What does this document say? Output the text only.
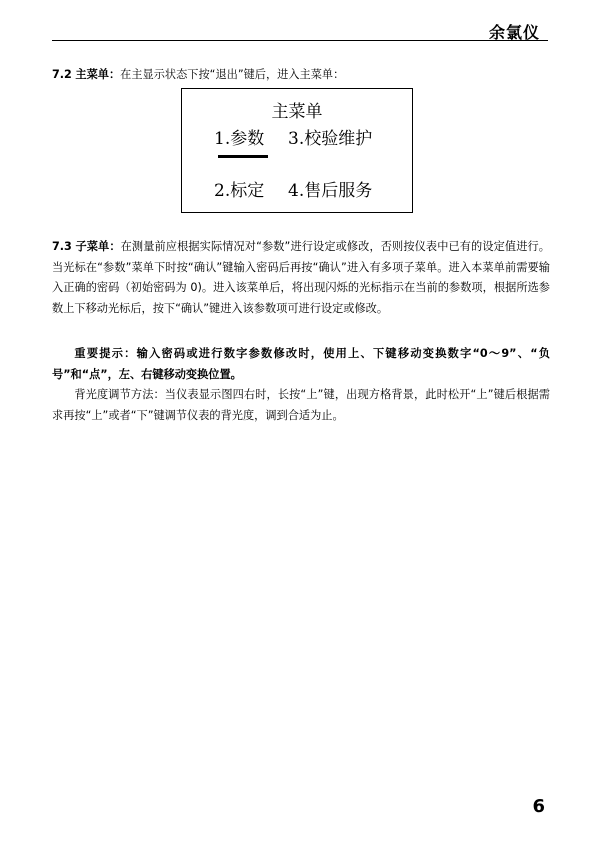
余氯仪
7.2 主菜单：在主显示状态下按“退出”键后，进入主菜单：
主菜单
1.参数 3.校验维护
2.标定 4.售后服务
7.3 子菜单：在测量前应根据实际情况对“参数”进行设定或修改，否则按仪表中已有的设定值进行。当光标在“参数”菜单下时按“确认”键输入密码后再按“确认”进入有多项子菜单。进入本菜单前需要输入正确的密码（初始密码为 0)。进入该菜单后，将出现闪烁的光标指示在当前的参数项，根据所选参数上下移动光标后，按下“确认”键进入该参数项可进行设定或修改。
重要提示：输入密码或进行数字参数修改时，使用上、下键移动变换数字“0～9”、“负号”和“点”，左、右键移动变换位置。
背光度调节方法：当仪表显示图四右时，长按“上”键，出现方格背景，此时松开“上”键后根据需求再按“上”或者“下”键调节仪表的背光度，调到合适为止。
6
